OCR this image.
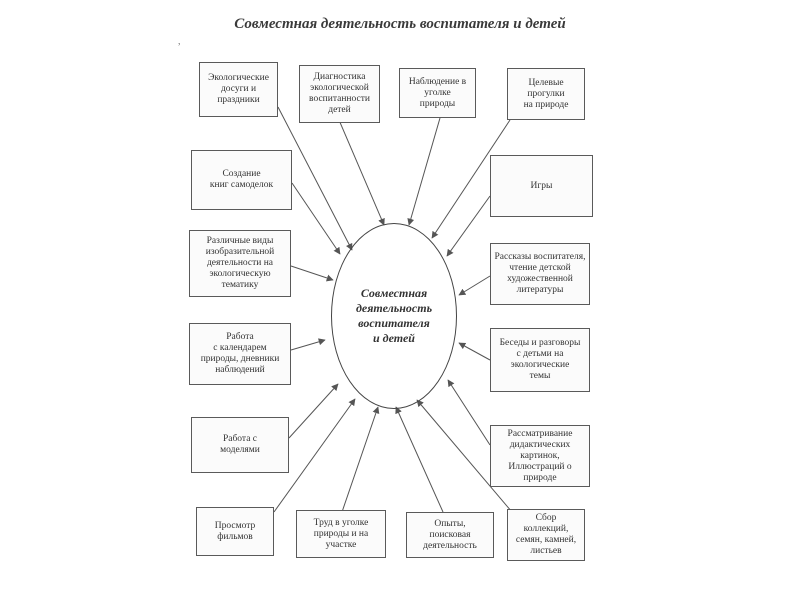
Совместная деятельность воспитателя и детей
,
Совместная
деятельность
воспитателя
и детей
Экологические
досуги и
праздники
Диагностика
экологической
воспитанности
детей
Наблюдение в
уголке
природы
Целевые
прогулки
на природе
Создание
книг самоделок	Игры
Различные виды
изобразительной
деятельности на
экологическую
тематику
Рассказы воспитателя,
чтение детской
художественной
литературы
Работа
с календарем
природы, дневники
наблюдений
Беседы и разговоры
с детьми на
экологические
темы
Работа с
моделями
Рассматривание
дидактических
картинок,
Иллюстраций о
природе
Просмотр
фильмов
Труд в уголке
природы и на
участке
Опыты,
поисковая
деятельность
Сбор
коллекций,
семян, камней,
листьев
